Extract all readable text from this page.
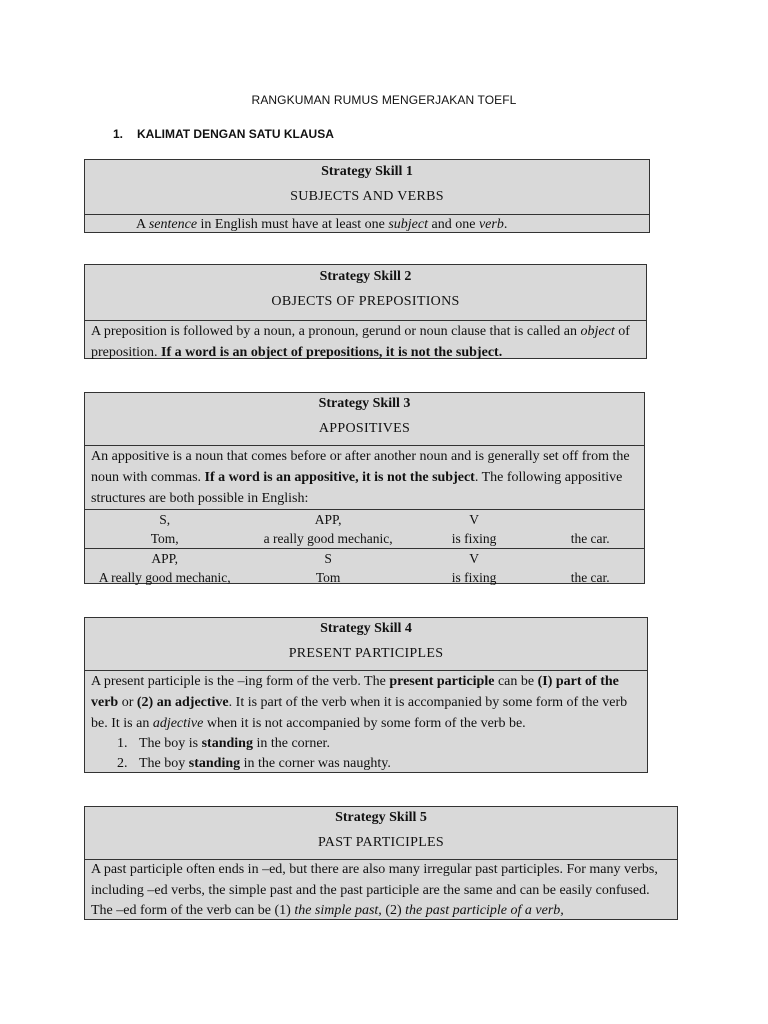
RANGKUMAN RUMUS MENGERJAKAN TOEFL
1. KALIMAT DENGAN SATU KLAUSA
Strategy Skill 1
SUBJECTS AND VERBS
A sentence in English must have at least one subject and one verb.
Strategy Skill 2
OBJECTS OF PREPOSITIONS
A preposition is followed by a noun, a pronoun, gerund or noun clause that is called an object of preposition. If a word is an object of prepositions, it is not the subject.
Strategy Skill 3
APPOSITIVES
An appositive is a noun that comes before or after another noun and is generally set off from the noun with commas. If a word is an appositive, it is not the subject. The following appositive structures are both possible in English:
S,	APP,	V
Tom,	a really good mechanic,	is fixing	the car.
APP,	S	V
A really good mechanic,	Tom	is fixing	the car.
Strategy Skill 4
PRESENT PARTICIPLES
A present participle is the –ing form of the verb. The present participle can be (I) part of the verb or (2) an adjective. It is part of the verb when it is accompanied by some form of the verb be. It is an adjective when it is not accompanied by some form of the verb be.
1. The boy is standing in the corner.
2. The boy standing in the corner was naughty.
Strategy Skill 5
PAST PARTICIPLES
A past participle often ends in –ed, but there are also many irregular past participles. For many verbs, including –ed verbs, the simple past and the past participle are the same and can be easily confused. The –ed form of the verb can be (1) the simple past, (2) the past participle of a verb,
